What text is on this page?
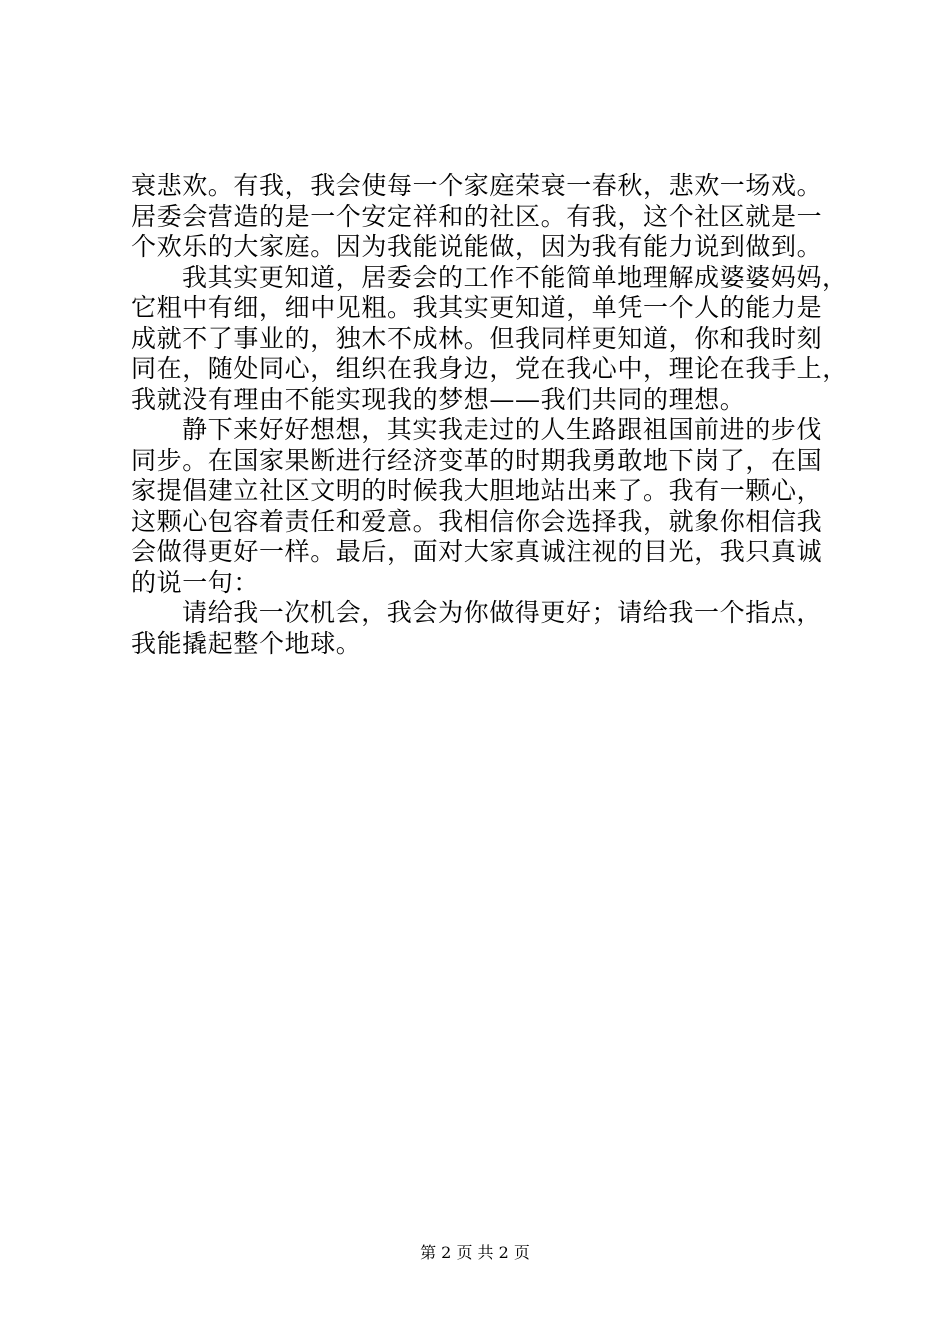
衰悲欢。有我，我会使每一个家庭荣衰一春秋，悲欢一场戏。
居委会营造的是一个安定祥和的社区。有我，这个社区就是一
个欢乐的大家庭。因为我能说能做，因为我有能力说到做到。
我其实更知道，居委会的工作不能简单地理解成婆婆妈妈，
它粗中有细，细中见粗。我其实更知道，单凭一个人的能力是
成就不了事业的，独木不成林。但我同样更知道，你和我时刻
同在，随处同心，组织在我身边，党在我心中，理论在我手上，
我就没有理由不能实现我的梦想——我们共同的理想。
静下来好好想想，其实我走过的人生路跟祖国前进的步伐
同步。在国家果断进行经济变革的时期我勇敢地下岗了，在国
家提倡建立社区文明的时候我大胆地站出来了。我有一颗心，
这颗心包容着责任和爱意。我相信你会选择我，就象你相信我
会做得更好一样。最后，面对大家真诚注视的目光，我只真诚
的说一句：
请给我一次机会，我会为你做得更好；请给我一个指点，
我能撬起整个地球。
第 2 页 共 2 页
